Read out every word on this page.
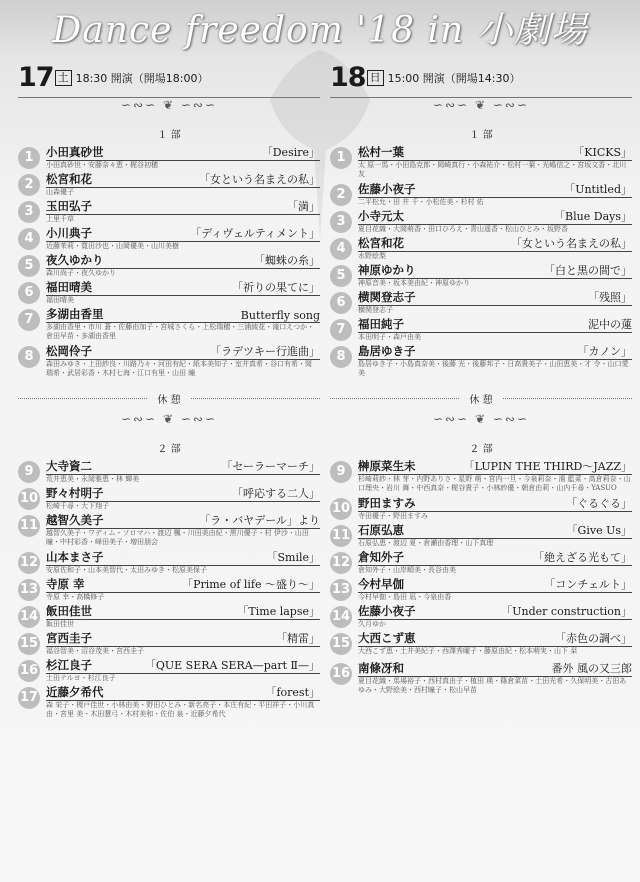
Dance freedom '18 in 小劇場
17 土 18:30 開演（開場18:00）
∽∾∽ ❦ ∽∾∽
１ 部
1	小田真砂世	「Desire」
小田真砂世・安藤奈々恵・梶谷初穂
2	松宮和花	「女という名まえの私」
山森優子
3	玉田弘子	「満」
上里千草
4	小川典子	「ディヴェルティメント」
近藤茉莉・寛田沙也・山岡優美・山川美樹
5	夜久ゆかり	「蜘蛛の糸」
森川尚子・夜久ゆかり
6	福田晴美	「祈りの果てに」
福田晴美
7	多湖由香里	Butterfly song
多湖由香里・市川 蒼・佐藤由加子・宮城さくら・上松瑞穂・三浦綾花・滝口えつか・倉田早苗・多湖由香里
8	松岡伶子	「ラデツキー行進曲」
森田みゆき・上田紗良・川路乃々・河田有紀・紙本美知子・室井真希・谷口有希・岡 瑞希・武居彩香・木村七海・江口有里・山田 瞳
休 憩
∽∾∽ ❦ ∽∾∽
２ 部
9	大寺資二	「セーラーマーチ」
荒井恵美・永岡雅恵・林 輝美
10 野々村明子	「呼応する二人」
松崎千尋・大下翔子
11 越智久美子	「ラ・バヤデール」より
越智久美子・ワディム・ソロマハ・渡辺 楓・川田美由紀・黒川優子・村 伊沙・山田 瞳・中村彩香・峰田美子・増田朋会
12 山本まさ子	「Smile」
安原佐和子・山本美智代・太田みゆき・松原美保子
13 寺原 幸	「Prime of life ～盛り～」
寺原 幸・高橋修子
14 飯田佳世	「Time lapse」
飯田佳世
15 宮西圭子	「精雷」
福谷智美・沼谷茂美・宮西圭子
16 杉江良子	「QUE SERA SERA—part Ⅱ—」
土田テルヨ・杉江良子
17 近藤夕希代	「forest」
森 栄子・榎戸佳世・小林由美・野田ひとみ・新名亮子・本庄有紀・平田祥子・小川真由・宮里 美・木田慧弓・木村美和・佐伯 泉・近藤夕希代
18 日 15:00 開演（開場14:30）
∽∾∽ ❦ ∽∾∽
１ 部
1	松村一葉	「KICKS」
太 原一馬・小田島克郎・岡崎真行・小森祐介・松村一葉・光嶋信之・宮坂文香・北川 友
2	佐藤小夜子	「Untitled」
二平松允・田 井 千・小松佐美・杉村 佑
3	小寺元太	「Blue Days」
夏目花織・大岡萌香・田口ひろえ・青山遥香・松山ひとみ・坂野香
4	松宮和花	「女という名まえの私」
水野絵梨
5	神原ゆかり	「白と黒の間で」
神原音美・坂本美由紀・神原ゆかり
6	横関登志子	「残照」
横関登志子
7	福田純子	泥中の蓮
本田明子・森戸由美
8	島居ゆき子	「カノン」
島居ゆき子・小島真奈美・後藤 光・後藤邦子・日高貴美子・山田恵美・才 令・山口愛美
休 憩
∽∾∽ ❦ ∽∾∽
２ 部
9	榊原菜生未	「LUPIN THE THIRD～JAZZ」
杉崎莉紗・林 芽・内野ありさ・星野 萌・宮内一旦・今泉莉奈・濱 藍菜・高倉莉奈・山口理央・岩川 舞・中西真奈・梶谷貴子・小林紗優・朝倉由莉・山内千尋・YASUO
10 野田ますみ	「ぐるぐる」
寺田優子・野田ますみ
11 石原弘恵	「Give Us」
石原弘恵・渡辺 夏・倉瀬由香理・山下真理
12 倉知外子	「絶えざる光もて」
倉知外子・山岸順美・長谷由美
13 今村早伽	「コンチェルト」
今村早伽・島田 凪・今泉由香
14 佐藤小夜子	「Under construction」
久月ゆか
15 大西こず恵	「赤色の調べ」
大西こず恵・土井美紀子・西澤秀曜子・藤原由紀・松本萌実・山下 栞
16 南條冴和	番外 風の又三郎
夏目花織・馬場裕子・西村真由子・植田 瑛・篠倉菜苗・土田光希・久保明美・古田あゆみ・大野絵美・西村瞳子・松山早苗
